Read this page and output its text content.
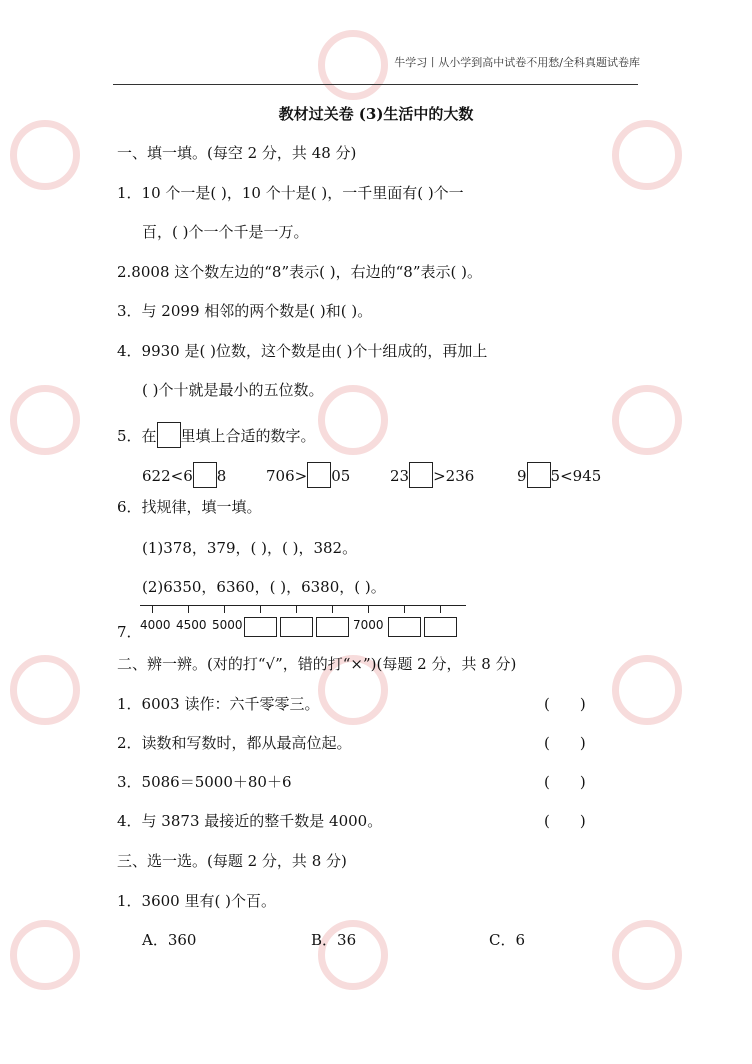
牛学习丨从小学到高中试卷不用愁/全科真题试卷库
教材过关卷 (3)生活中的大数
一、填一填。(每空 2 分，共 48 分)
1．10 个一是( )，10 个十是( )，一千里面有( )个一
百，( )个一个千是一万。
2.8008 这个数左边的“8”表示( )，右边的“8”表示( )。
3．与 2099 相邻的两个数是( )和( )。
4．9930 是( )位数，这个数是由( )个十组成的，再加上
( )个十就是最小的五位数。
5．在 里填上合适的数字。
622<6 8	706> 05	23 >236	9 5<945
6．找规律，填一填。
(1)378，379，( )，( )，382。
(2)6350，6360，( )，6380，( )。
7．
4000 4500 5000	7000
二、辨一辨。(对的打“√”，错的打“×”)(每题 2 分，共 8 分)
1．6003 读作：六千零零三。	(　　)
2．读数和写数时，都从最高位起。	(　　)
3．5086＝5000＋80＋6	(　　)
4．与 3873 最接近的整千数是 4000。	(　　)
三、选一选。(每题 2 分，共 8 分)
1．3600 里有( )个百。
A．360	B．36	C．6
